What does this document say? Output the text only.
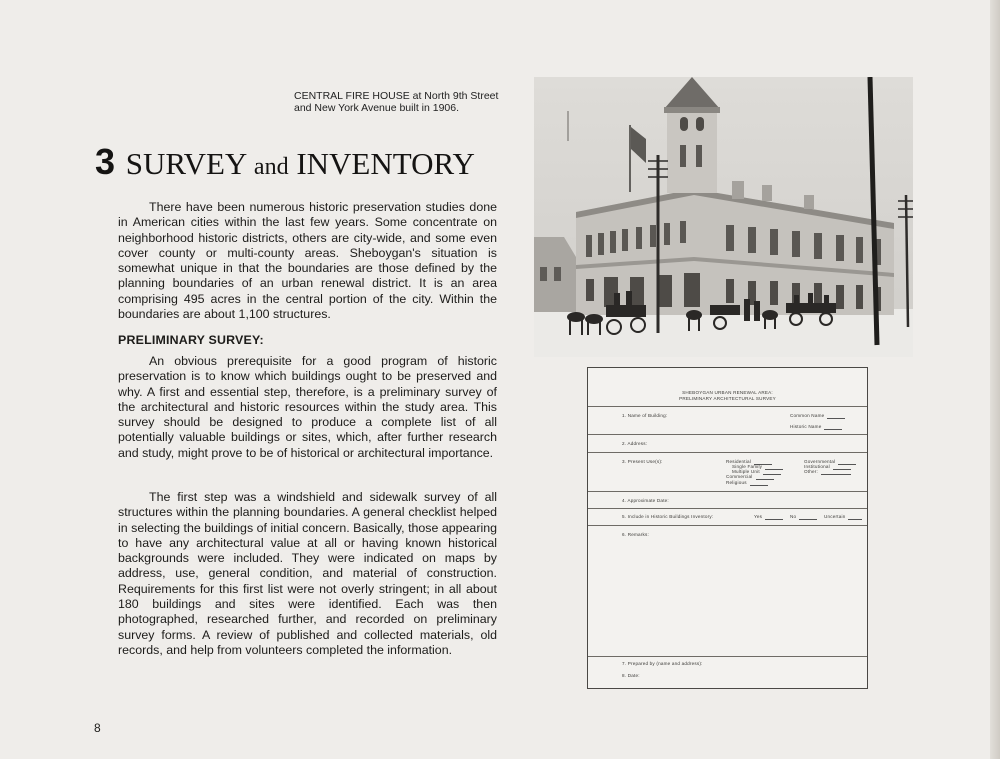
CENTRAL FIRE HOUSE at North 9th Street
and New York Avenue built in 1906.
3 SURVEY and INVENTORY

There have been numerous historic preservation studies done in American cities within the last few years. Some concentrate on neighborhood historic districts, others are city-wide, and some even cover county or multi-county areas. Sheboygan's situation is somewhat unique in that the boundaries are those defined by the planning boundaries of an urban renewal district. It is an area comprising 495 acres in the central portion of the city. Within the boundaries are about 1,100 structures.

PRELIMINARY SURVEY:

An obvious prerequisite for a good program of historic preservation is to know which buildings ought to be preserved and why. A first and essential step, therefore, is a preliminary survey of the architectural and historic resources within the study area. This survey should be designed to produce a complete list of all potentially valuable buildings or sites, which, after further research and study, might prove to be of historical or architectural importance.

The first step was a windshield and sidewalk survey of all structures within the planning boundaries. A general checklist helped in selecting the buildings of initial concern. Basically, those appearing to have any architectural value at all or having known historical backgrounds were included. They were indicated on maps by address, use, general condition, and material of construction. Requirements for this first list were not overly stringent; in all about 180 buildings and sites were identified. Each was then photographed, researched further, and recorded on preliminary survey forms. A review of published and collected materials, old records, and help from volunteers completed the information.

8
SHEBOYGAN URBAN RENEWAL AREA:
PRELIMINARY ARCHITECTURAL SURVEY
1. Name of Building:	Common Name
Historic Name
2. Address:
3. Present Use(s):	Residential
Single Family
Multiple Unit
Commercial
Religious
Governmental
Institutional
Other:
4. Approximate Date:
5. Include in Historic Buildings Inventory:	Yes	No	Uncertain
6. Remarks:
7. Prepared by (name and address):
8. Date:
